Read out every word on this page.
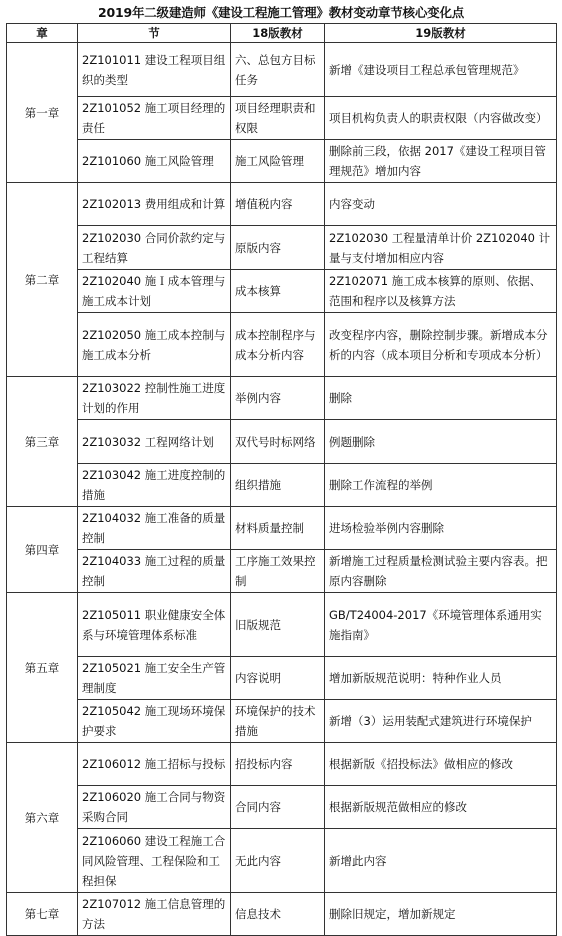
2019年二级建造师《建设工程施工管理》教材变动章节核心变化点
章	节	18版教材	19版教材
第一章	2Z101011 建设工程项目组织的类型	六、总包方目标任务	新增《建设项目工程总承包管理规范》
	2Z101052 施工项目经理的责任	项目经理职责和权限	项目机构负责人的职责权限（内容做改变）
	2Z101060 施工风险管理	施工风险管理	删除前三段，依据 2017《建设工程项目管理规范》增加内容
第二章	2Z102013 费用组成和计算	增值税内容	内容变动
	2Z102030 合同价款约定与工程结算	原版内容	2Z102030 工程量清单计价 2Z102040 计量与支付增加相应内容
	2Z102040 施Ｉ成本管理与施工成本计划	成本核算	2Z102071 施工成本核算的原则、依据、范围和程序以及核算方法
	2Z102050 施工成本控制与施工成本分析	成本控制程序与成本分析内容	改变程序内容，删除控制步骤。新增成本分析的内容（成本项目分析和专项成本分析）
第三章	2Z103022 控制性施工进度计划的作用	举例内容	删除
	2Z103032 工程网络计划	双代号时标网络	例题删除
	2Z103042 施工进度控制的措施	组织措施	删除工作流程的举例
第四章	2Z104032 施工准备的质量控制	材料质量控制	进场检验举例内容删除
	2Z104033 施工过程的质量控制	工序施工效果控制	新增施工过程质量检测试验主要内容表。把原内容删除
第五章	2Z105011 职业健康安全体系与环境管理体系标准	旧版规范	GB/T24004-2017《环境管理体系通用实施指南》
	2Z105021 施工安全生产管理制度	内容说明	增加新版规范说明：特种作业人员
	2Z105042 施工现场环境保护要求	环境保护的技术措施	新增（3）运用装配式建筑进行环境保护
第六章	2Z106012 施工招标与投标	招投标内容	根据新版《招投标法》做相应的修改
	2Z106020 施工合同与物资采购合同	合同内容	根据新版规范做相应的修改
	2Z106060 建设工程施工合同风险管理、工程保险和工程担保	无此内容	新增此内容
第七章	2Z107012 施工信息管理的方法	信息技术	删除旧规定，增加新规定
